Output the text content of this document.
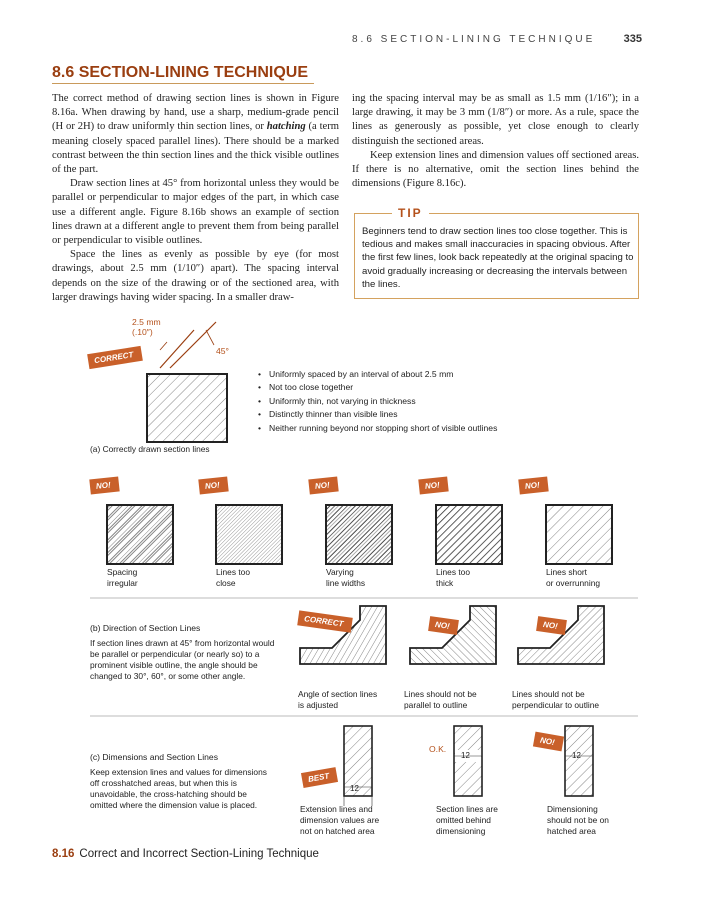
8.6 SECTION-LINING TECHNIQUE	335
8.6 SECTION-LINING TECHNIQUE

The correct method of drawing section lines is shown in Figure 8.16a. When drawing by hand, use a sharp, medium-grade pencil (H or 2H) to draw uniformly thin section lines, or hatching (a term meaning closely spaced parallel lines). There should be a marked contrast between the thin section lines and the thick visible outlines of the part.

Draw section lines at 45° from horizontal unless they would be parallel or perpendicular to major edges of the part, in which case use a different angle. Figure 8.16b shows an example of section lines drawn at a different angle to prevent them from being parallel or perpendicular to visible outlines.

Space the lines as evenly as possible by eye (for most drawings, about 2.5 mm (1/10″) apart). The spacing interval depends on the size of the drawing or of the sectioned area, with larger drawings having wider spacing. In a smaller draw-

ing the spacing interval may be as small as 1.5 mm (1/16″); in a large drawing, it may be 3 mm (1/8″) or more. As a rule, space the lines as generously as possible, yet close enough to clearly distinguish the sectioned areas.

Keep extension lines and dimension values off sectioned areas. If there is no alternative, omit the section lines behind the dimensions (Figure 8.16c).

TIP
Beginners tend to draw section lines too close together. This is tedious and makes small inaccuracies in spacing obvious. After the first few lines, look back repeatedly at the original spacing to avoid gradually increasing or decreasing the intervals between the lines.
2.5 mm
(.10″)
45°
CORRECT
• Uniformly spaced by an interval of about 2.5 mm
• Not too close together
• Uniformly thin, not varying in thickness
• Distinctly thinner than visible lines
• Neither running beyond nor stopping short of visible outlines
(a) Correctly drawn section lines
NO!	NO!	NO!	NO!	NO!
Spacing
irregular
Lines too
close
Varying
line widths
Lines too
thick
Lines short
or overrunning
(b) Direction of Section Lines
If section lines drawn at 45° from horizontal would be parallel or perpendicular (or nearly so) to a prominent visible outline, the angle should be changed to 30°, 60°, or some other angle.
CORRECT	NO!	NO!
Angle of section lines
is adjusted
Lines should not be
parallel to outline
Lines should not be
perpendicular to outline
(c) Dimensions and Section Lines
Keep extension lines and values for dimensions off crosshatched areas, but when this is unavoidable, the cross-hatching should be omitted where the dimension value is placed.
BEST
12
O.K.
12
NO!
12
Extension lines and
dimension values are
not on hatched area
Section lines are
omitted behind
dimensioning
Dimensioning
should not be on
hatched area
8.16 Correct and Incorrect Section-Lining Technique
